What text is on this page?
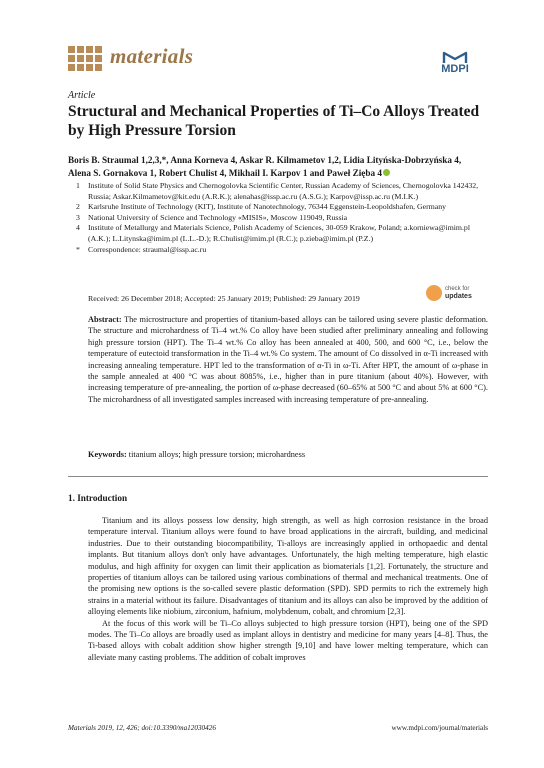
materials
MDPI
Article
Structural and Mechanical Properties of Ti–Co Alloys Treated by High Pressure Torsion
Boris B. Straumal 1,2,3,*, Anna Korneva 4, Askar R. Kilmametov 1,2, Lidia Lityńska-Dobrzyńska 4,
Alena S. Gornakova 1, Robert Chulist 4, Mikhail I. Karpov 1 and Paweł Zięba 4
1	Institute of Solid State Physics and Chernogolovka Scientific Center, Russian Academy of Sciences, Chernogolovka 142432, Russia; Askar.Kilmametov@kit.edu (A.R.K.); alenahas@issp.ac.ru (A.S.G.); Karpov@issp.ac.ru (M.I.K.)
2	Karlsruhe Institute of Technology (KIT), Institute of Nanotechnology, 76344 Eggenstein-Leopoldshafen, Germany
3	National University of Science and Technology «MISIS», Moscow 119049, Russia
4	Institute of Metallurgy and Materials Science, Polish Academy of Sciences, 30-059 Krakow, Poland; a.korniewa@imim.pl (A.K.); L.Litynska@imim.pl (L.L.-D.); R.Chulist@imim.pl (R.C.); p.zieba@imim.pl (P.Z.)
*	Correspondence: straumal@issp.ac.ru
Received: 26 December 2018; Accepted: 25 January 2019; Published: 29 January 2019
check for
updates
Abstract: The microstructure and properties of titanium-based alloys can be tailored using severe plastic deformation. The structure and microhardness of Ti–4 wt.% Co alloy have been studied after preliminary annealing and following high pressure torsion (HPT). The Ti–4 wt.% Co alloy has been annealed at 400, 500, and 600 °C, i.e., below the temperature of eutectoid transformation in the Ti–4 wt.% Co system. The amount of Co dissolved in α-Ti increased with increasing annealing temperature. HPT led to the transformation of α-Ti in ω-Ti. After HPT, the amount of ω-phase in the sample annealed at 400 °C was about 8085%, i.e., higher than in pure titanium (about 40%). However, with increasing temperature of pre-annealing, the portion of ω-phase decreased (60–65% at 500 °C and about 5% at 600 °C). The microhardness of all investigated samples increased with increasing temperature of pre-annealing.
Keywords: titanium alloys; high pressure torsion; microhardness
1. Introduction

Titanium and its alloys possess low density, high strength, as well as high corrosion resistance in the broad temperature interval. Titanium alloys were found to have broad applications in the aircraft, building, and medicinal industries. Due to their outstanding biocompatibility, Ti-alloys are increasingly applied in orthopaedic and dental implants. But titanium alloys don't only have advantages. Unfortunately, the high melting temperature, high elastic modulus, and high affinity for oxygen can limit their application as biomaterials [1,2]. Fortunately, the structure and properties of titanium alloys can be tailored using various combinations of thermal and mechanical treatments. One of the promising new options is the so-called severe plastic deformation (SPD). SPD permits to rich the extremely high strains in a material without its failure. Disadvantages of titanium and its alloys can also be improved by the addition of alloying elements like niobium, zirconium, hafnium, molybdenum, cobalt, and chromium [2,3].

At the focus of this work will be Ti–Co alloys subjected to high pressure torsion (HPT), being one of the SPD modes. The Ti–Co alloys are broadly used as implant alloys in dentistry and medicine for many years [4–8]. Thus, the Ti-based alloys with cobalt addition show higher strength [9,10] and have lower melting temperature, which can alleviate many casting problems. The addition of cobalt improves

Materials 2019, 12, 426; doi:10.3390/ma12030426	www.mdpi.com/journal/materials
